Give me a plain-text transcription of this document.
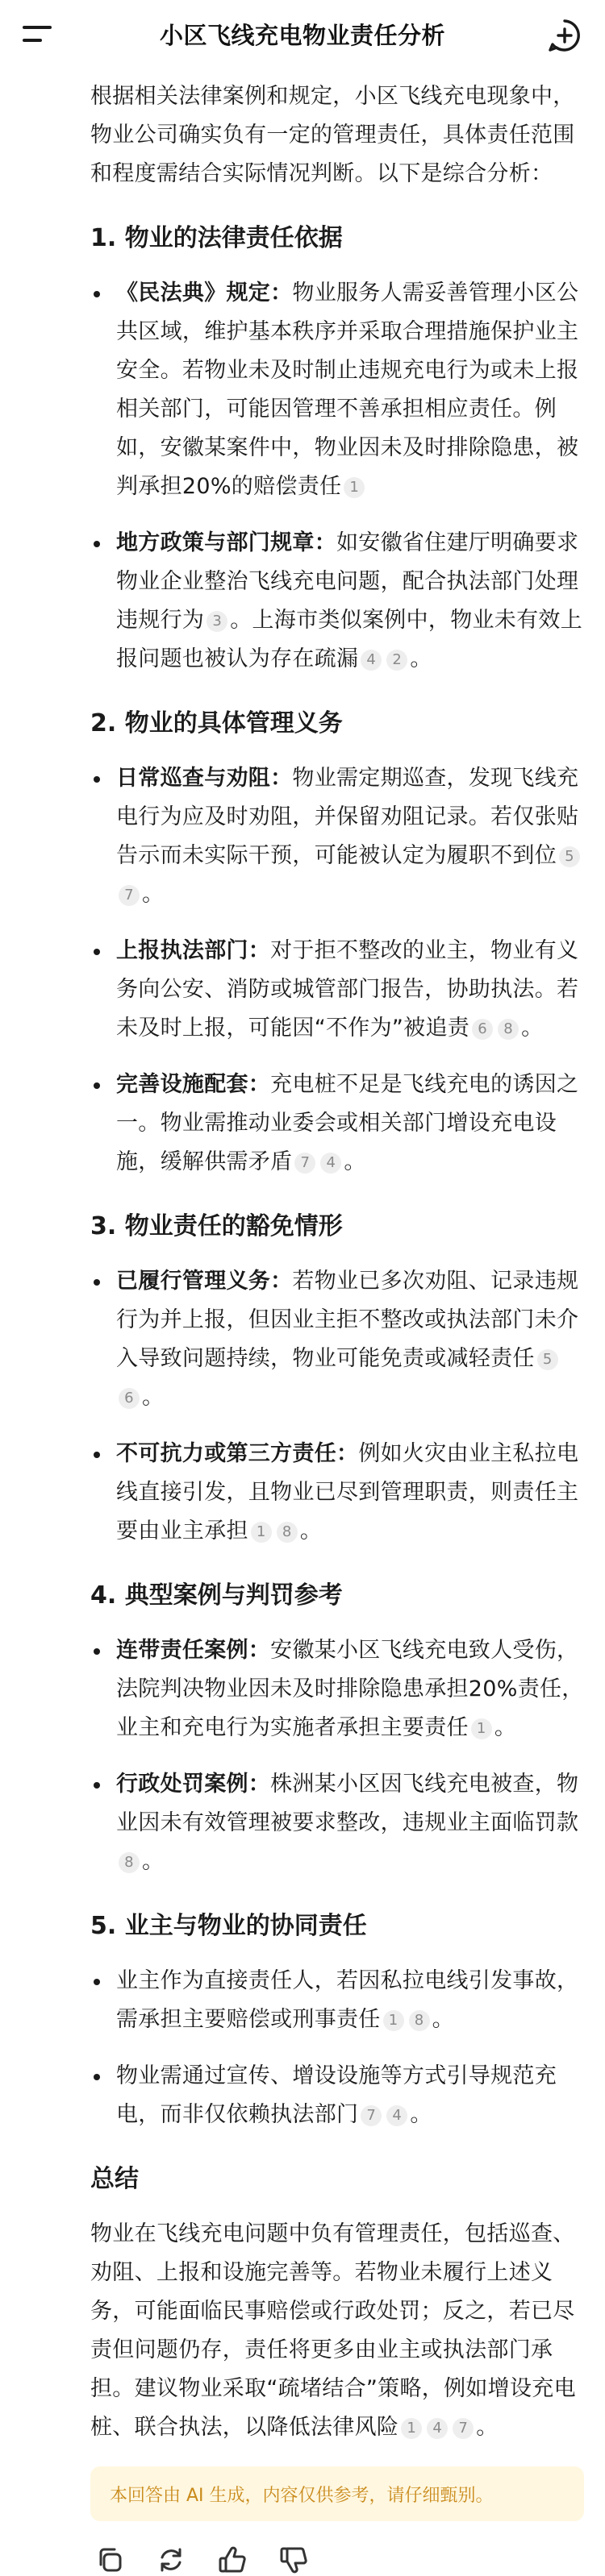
小区飞线充电物业责任分析

根据相关法律案例和规定，小区飞线充电现象中，物业公司确实负有一定的管理责任，具体责任范围和程度需结合实际情况判断。以下是综合分析：

1. 物业的法律责任依据
《民法典》规定：物业服务人需妥善管理小区公共区域，维护基本秩序并采取合理措施保护业主安全。若物业未及时制止违规充电行为或未上报相关部门，可能因管理不善承担相应责任。例如，安徽某案件中，物业因未及时排除隐患，被判承担20%的赔偿责任 1
地方政策与部门规章：如安徽省住建厅明确要求物业企业整治飞线充电问题，配合执法部门处理违规行为 3 。上海市类似案例中，物业未有效上报问题也被认为存在疏漏 4 2 。
2. 物业的具体管理义务
日常巡查与劝阻：物业需定期巡查，发现飞线充电行为应及时劝阻，并保留劝阻记录。若仅张贴告示而未实际干预，可能被认定为履职不到位 57 。
上报执法部门：对于拒不整改的业主，物业有义务向公安、消防或城管部门报告，协助执法。若未及时上报，可能因“不作为”被追责 6 8 。
完善设施配套：充电桩不足是飞线充电的诱因之一。物业需推动业委会或相关部门增设充电设施，缓解供需矛盾 7 4 。
3. 物业责任的豁免情形
已履行管理义务：若物业已多次劝阻、记录违规行为并上报，但因业主拒不整改或执法部门未介入导致问题持续，物业可能免责或减轻责任 56 。
不可抗力或第三方责任：例如火灾由业主私拉电线直接引发，且物业已尽到管理职责，则责任主要由业主承担 1 8 。
4. 典型案例与判罚参考
连带责任案例：安徽某小区飞线充电致人受伤，法院判决物业因未及时排除隐患承担20%责任，业主和充电行为实施者承担主要责任 1 。
行政处罚案例：株洲某小区因飞线充电被查，物业因未有效管理被要求整改，违规业主面临罚款8 。
5. 业主与物业的协同责任
业主作为直接责任人，若因私拉电线引发事故，需承担主要赔偿或刑事责任 1 8 。
物业需通过宣传、增设设施等方式引导规范充电，而非仅依赖执法部门 7 4 。
总结

物业在飞线充电问题中负有管理责任，包括巡查、劝阻、上报和设施完善等。若物业未履行上述义务，可能面临民事赔偿或行政处罚；反之，若已尽责但问题仍存，责任将更多由业主或执法部门承担。建议物业采取“疏堵结合”策略，例如增设充电桩、联合执法，以降低法律风险 1 4 7 。

本回答由 AI 生成，内容仅供参考，请仔细甄别。
